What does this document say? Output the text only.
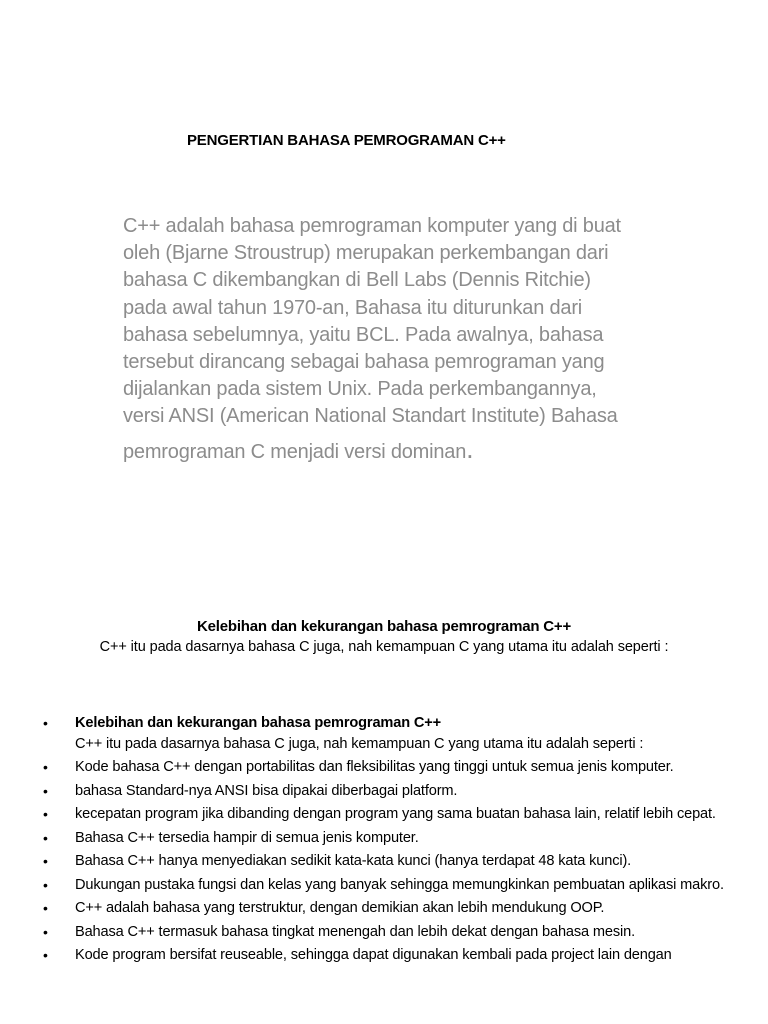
PENGERTIAN BAHASA PEMROGRAMAN C++
C++ adalah bahasa pemrograman komputer yang di buat
oleh (Bjarne Stroustrup) merupakan perkembangan dari
bahasa C dikembangkan di Bell Labs (Dennis Ritchie)
pada awal tahun 1970-an, Bahasa itu diturunkan dari
bahasa sebelumnya, yaitu BCL. Pada awalnya, bahasa
tersebut dirancang sebagai bahasa pemrograman yang
dijalankan pada sistem Unix. Pada perkembangannya,
versi ANSI (American National Standart Institute) Bahasa
pemrograman C menjadi versi dominan.
Kelebihan dan kekurangan bahasa pemrograman C++
C++ itu pada dasarnya bahasa C juga, nah kemampuan C yang utama itu adalah seperti :
• Kelebihan dan kekurangan bahasa pemrograman C++
C++ itu pada dasarnya bahasa C juga, nah kemampuan C yang utama itu adalah seperti :
• Kode bahasa C++ dengan portabilitas dan fleksibilitas yang tinggi untuk semua jenis komputer.
• bahasa Standard-nya ANSI bisa dipakai diberbagai platform.
• kecepatan program jika dibanding dengan program yang sama buatan bahasa lain, relatif lebih cepat.
• Bahasa C++ tersedia hampir di semua jenis komputer.
• Bahasa C++ hanya menyediakan sedikit kata-kata kunci (hanya terdapat 48 kata kunci).
• Dukungan pustaka fungsi dan kelas yang banyak sehingga memungkinkan pembuatan aplikasi makro.
• C++ adalah bahasa yang terstruktur, dengan demikian akan lebih mendukung OOP.
• Bahasa C++ termasuk bahasa tingkat menengah dan lebih dekat dengan bahasa mesin.
• Kode program bersifat reuseable, sehingga dapat digunakan kembali pada project lain dengan
